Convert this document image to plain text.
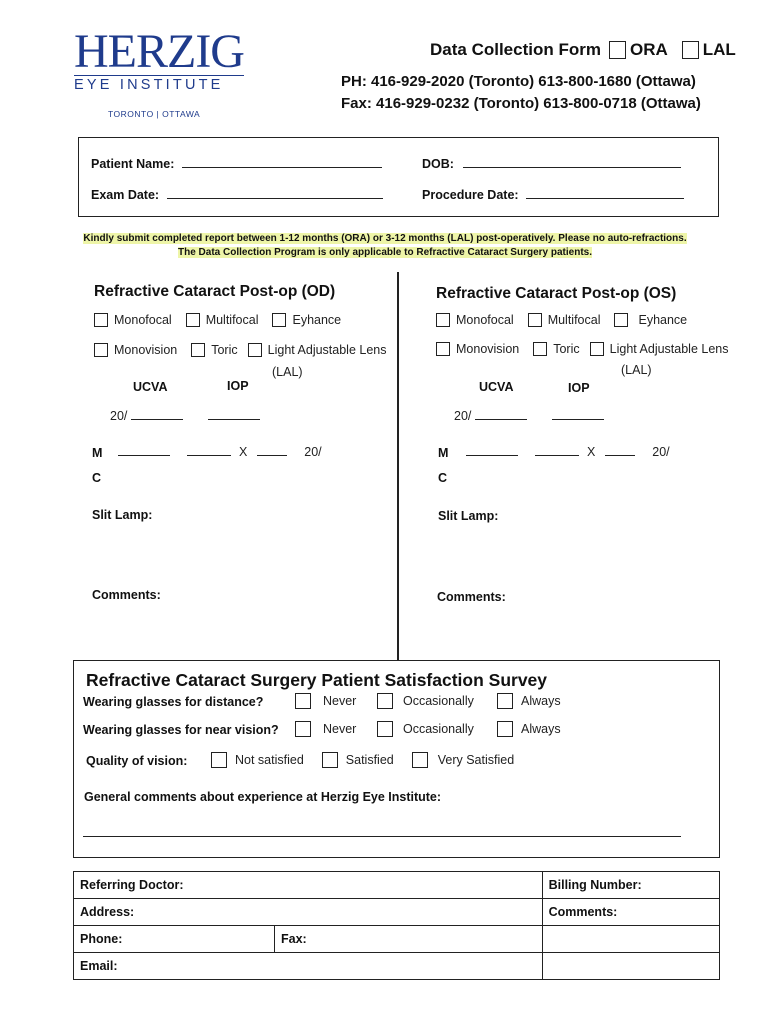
HERZIG
EYE INSTITUTE
TORONTO | OTTAWA
Data Collection Form ORA LAL
PH: 416-929-2020 (Toronto) 613-800-1680 (Ottawa)
Fax: 416-929-0232 (Toronto) 613-800-0718 (Ottawa)
Patient Name:	DOB:
Exam Date:	Procedure Date:
Kindly submit completed report between 1-12 months (ORA) or 3-12 months (LAL) post-operatively. Please no auto-refractions.
The Data Collection Program is only applicable to Refractive Cataract Surgery patients.
Refractive Cataract Post-op (OD)
Monofocal	Multifocal	Eyhance
Monovision	Toric Light Adjustable Lens
(LAL)
UCVA	IOP
20/
M
C
X	20/
Slit Lamp:
Comments:
Refractive Cataract Post-op (OS)
Monofocal	Multifocal	Eyhance
Monovision	Toric Light Adjustable Lens
(LAL)
UCVA	IOP
20/
M
C
X	20/
Slit Lamp:
Comments:
Refractive Cataract Surgery Patient Satisfaction Survey
Wearing glasses for distance?	Never	Occasionally	Always
Wearing glasses for near vision?	Never	Occasionally	Always
Quality of vision:	Not satisfied	Satisfied	Very Satisfied
General comments about experience at Herzig Eye Institute:
Referring Doctor:		Billing Number:
Address:		Comments:
Phone:	Fax:	
Email:		
